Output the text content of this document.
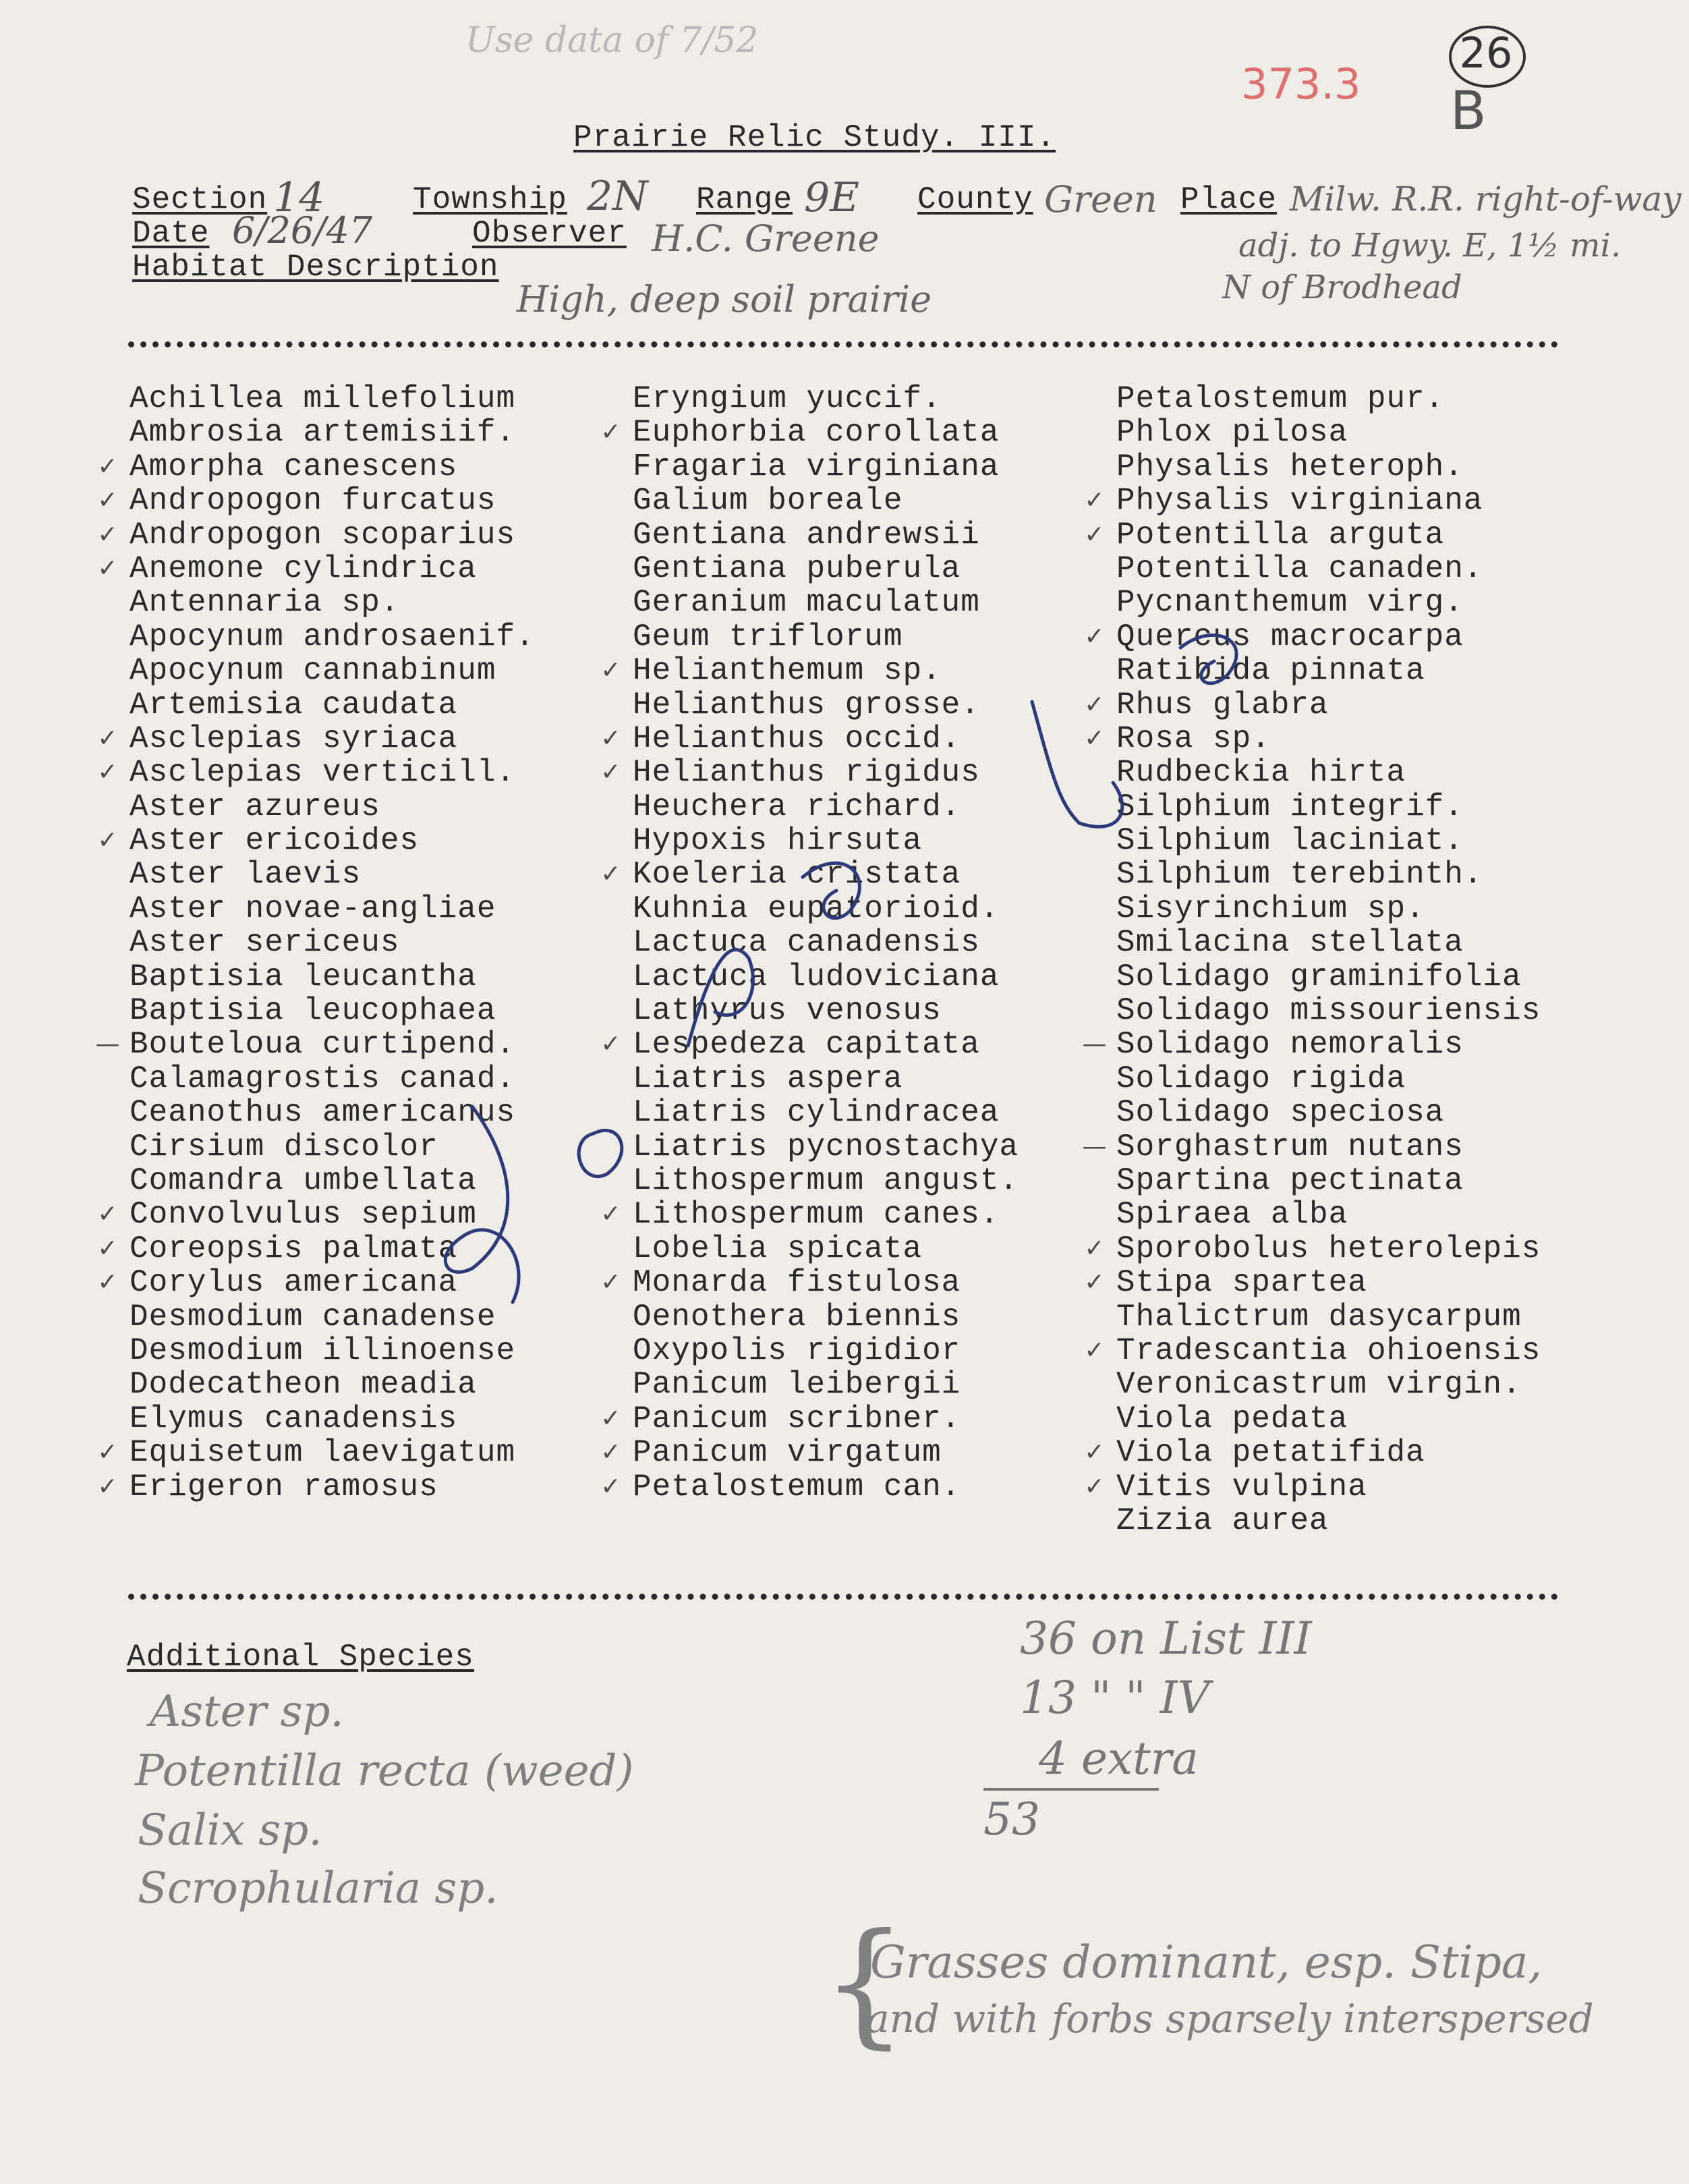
Use data of 7/52
373.3
26
B
Prairie Relic Study. III.
Section 14	Township 2N Range 9E County Green Place Milw. R.R. right-of-way
adj. to Hgwy. E, 1½ mi.
N of Brodhead
Date 6/26/47	Observer H.C. Greene
Habitat Description
High, deep soil prairie
Achillea millefolium
Ambrosia artemisiif.
✓ Amorpha canescens
✓ Andropogon furcatus
✓ Andropogon scoparius
✓ Anemone cylindrica
Antennaria sp.
Apocynum androsaenif.
Apocynum cannabinum
Artemisia caudata
✓ Asclepias syriaca
✓ Asclepias verticill.
Aster azureus
✓ Aster ericoides
Aster laevis
Aster novae-angliae
Aster sericeus
Baptisia leucantha
Baptisia leucophaea
— Bouteloua curtipend.
Calamagrostis canad.
Ceanothus americanus
Cirsium discolor
Comandra umbellata
✓ Convolvulus sepium
✓ Coreopsis palmata
✓ Corylus americana
Desmodium canadense
Desmodium illinoense
Dodecatheon meadia
Elymus canadensis
✓ Equisetum laevigatum
✓ Erigeron ramosus
Eryngium yuccif.
✓ Euphorbia corollata
Fragaria virginiana
Galium boreale
Gentiana andrewsii
Gentiana puberula
Geranium maculatum
Geum triflorum
✓ Helianthemum sp.
Helianthus grosse.
✓ Helianthus occid.
✓ Helianthus rigidus
Heuchera richard.
Hypoxis hirsuta
✓ Koeleria cristata
Kuhnia eupatorioid.
Lactuca canadensis
Lactuca ludoviciana
Lathyrus venosus
✓ Lespedeza capitata
Liatris aspera
Liatris cylindracea
Liatris pycnostachya
Lithospermum angust.
✓ Lithospermum canes.
Lobelia spicata
✓ Monarda fistulosa
Oenothera biennis
Oxypolis rigidior
Panicum leibergii
✓ Panicum scribner.
✓ Panicum virgatum
✓ Petalostemum can.
Petalostemum pur.
Phlox pilosa
Physalis heteroph.
✓ Physalis virginiana
✓ Potentilla arguta
Potentilla canaden.
Pycnanthemum virg.
✓ Quercus macrocarpa
Ratibida pinnata
✓ Rhus glabra
✓ Rosa sp.
Rudbeckia hirta
Silphium integrif.
Silphium laciniat.
Silphium terebinth.
Sisyrinchium sp.
Smilacina stellata
Solidago graminifolia
Solidago missouriensis
— Solidago nemoralis
Solidago rigida
Solidago speciosa
— Sorghastrum nutans
Spartina pectinata
Spiraea alba
✓ Sporobolus heterolepis
✓ Stipa spartea
Thalictrum dasycarpum
✓ Tradescantia ohioensis
Veronicastrum virgin.
Viola pedata
✓ Viola petatifida
✓ Vitis vulpina
Zizia aurea
Additional Species
Aster sp.
Potentilla recta (weed)
Salix sp.
Scrophularia sp.
36 on List III
13 " " IV
4 extra
53
{
Grasses dominant, esp. Stipa,
and with forbs sparsely interspersed
